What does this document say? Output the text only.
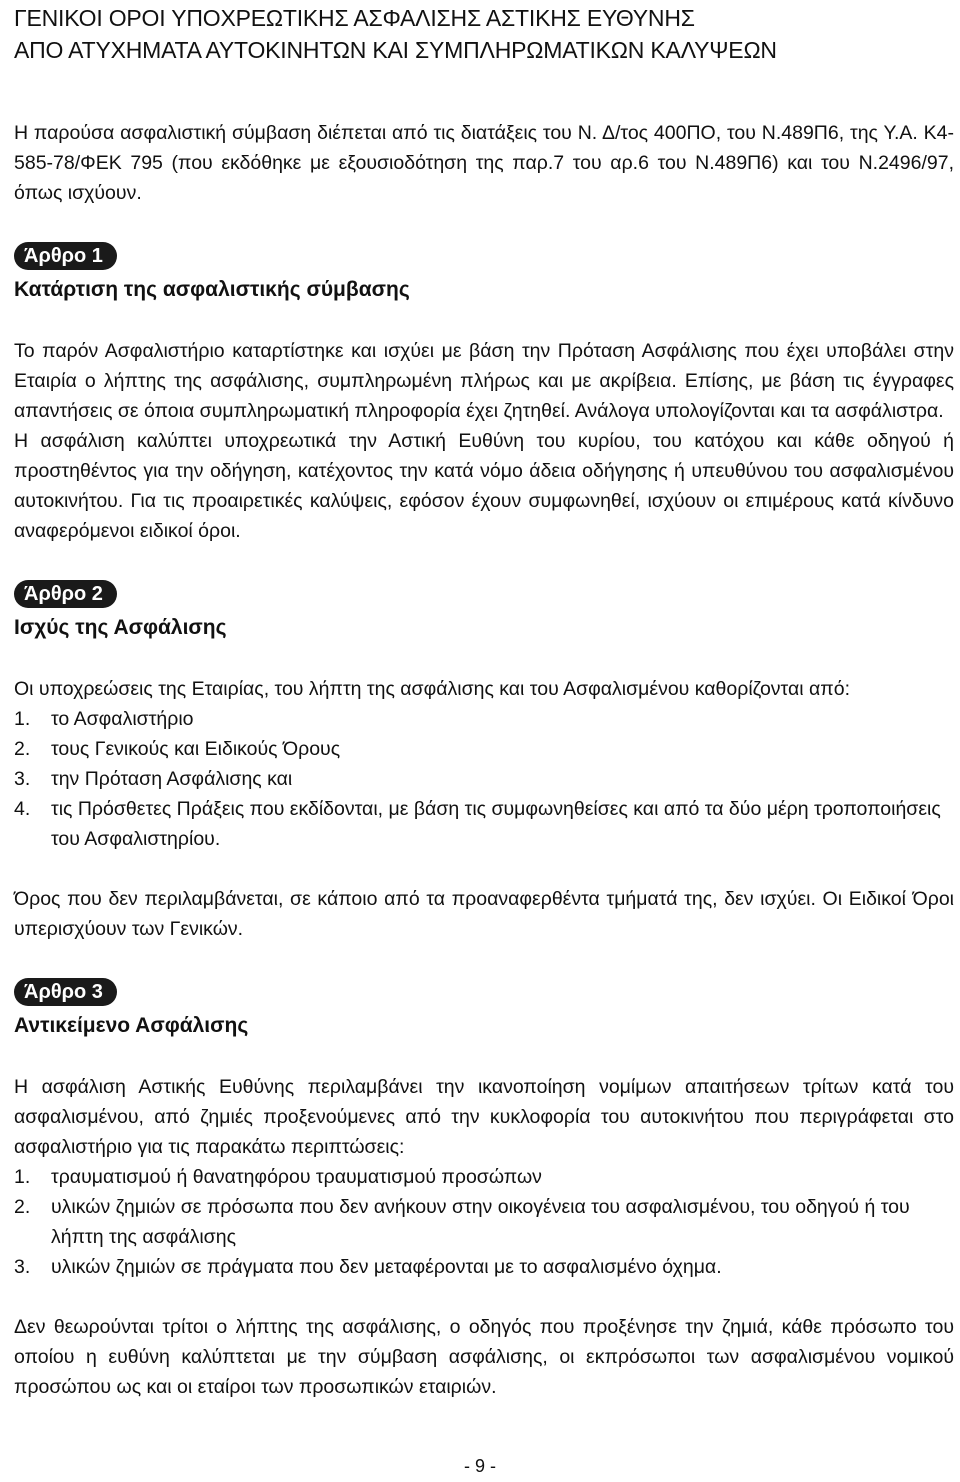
ΓΕΝΙΚΟΙ ΟΡΟΙ ΥΠΟΧΡΕΩΤΙΚΗΣ ΑΣΦΑΛΙΣΗΣ ΑΣΤΙΚΗΣ ΕΥΘΥΝΗΣ
ΑΠΟ ΑΤΥΧΗΜΑΤΑ ΑΥΤΟΚΙΝΗΤΩΝ ΚΑΙ ΣΥΜΠΛΗΡΩΜΑΤΙΚΩΝ ΚΑΛΥΨΕΩΝ

Η παρούσα ασφαλιστική σύμβαση διέπεται από τις διατάξεις του Ν. Δ/τος 400ΠΟ, του Ν.489Π6, της Υ.Α. Κ4-585-78/ΦΕΚ 795 (που εκδόθηκε με εξουσιοδότηση της παρ.7 του αρ.6 του Ν.489Π6) και του Ν.2496/97, όπως ισχύουν.

Άρθρο 1
Κατάρτιση της ασφαλιστικής σύμβασης

Το παρόν Ασφαλιστήριο καταρτίστηκε και ισχύει με βάση την Πρόταση Ασφάλισης που έχει υποβάλει στην Εταιρία ο λήπτης της ασφάλισης, συμπληρωμένη πλήρως και με ακρίβεια. Επίσης, με βάση τις έγγραφες απαντήσεις σε όποια συμπληρωματική πληροφορία έχει ζητηθεί. Ανάλογα υπολογίζονται και τα ασφάλιστρα.

Η ασφάλιση καλύπτει υποχρεωτικά την Αστική Ευθύνη του κυρίου, του κατόχου και κάθε οδηγού ή προστηθέντος για την οδήγηση, κατέχοντος την κατά νόμο άδεια οδήγησης ή υπευθύνου του ασφαλισμένου αυτοκινήτου. Για τις προαιρετικές καλύψεις, εφόσον έχουν συμφωνηθεί, ισχύουν οι επιμέρους κατά κίνδυνο αναφερόμενοι ειδικοί όροι.

Άρθρο 2
Ισχύς της Ασφάλισης

Οι υποχρεώσεις της Εταιρίας, του λήπτη της ασφάλισης και του Ασφαλισμένου καθορίζονται από:

1.	το Ασφαλιστήριο
2.	τους Γενικούς και Ειδικούς Όρους
3.	την Πρόταση Ασφάλισης και
4.	τις Πρόσθετες Πράξεις που εκδίδονται, με βάση τις συμφωνηθείσες και από τα δύο μέρη τροποποιήσεις του Ασφαλιστηρίου.

Όρος που δεν περιλαμβάνεται, σε κάποιο από τα προαναφερθέντα τμήματά της, δεν ισχύει. Οι Ειδικοί Όροι υπερισχύουν των Γενικών.

Άρθρο 3
Αντικείμενο Ασφάλισης

Η ασφάλιση Αστικής Ευθύνης περιλαμβάνει την ικανοποίηση νομίμων απαιτήσεων τρίτων κατά του ασφαλισμένου, από ζημιές προξενούμενες από την κυκλοφορία του αυτοκινήτου που περιγράφεται στο ασφαλιστήριο για τις παρακάτω περιπτώσεις:

1.	τραυματισμού ή θανατηφόρου τραυματισμού προσώπων
2.	υλικών ζημιών σε πρόσωπα που δεν ανήκουν στην οικογένεια του ασφαλισμένου, του οδηγού ή του λήπτη της ασφάλισης
3.	υλικών ζημιών σε πράγματα που δεν μεταφέρονται με το ασφαλισμένο όχημα.

Δεν θεωρούνται τρίτοι ο λήπτης της ασφάλισης, ο οδηγός που προξένησε την ζημιά, κάθε πρόσωπο του οποίου η ευθύνη καλύπτεται με την σύμβαση ασφάλισης, οι εκπρόσωποι των ασφαλισμένου νομικού προσώπου ως και οι εταίροι των προσωπικών εταιριών.

- 9 -
